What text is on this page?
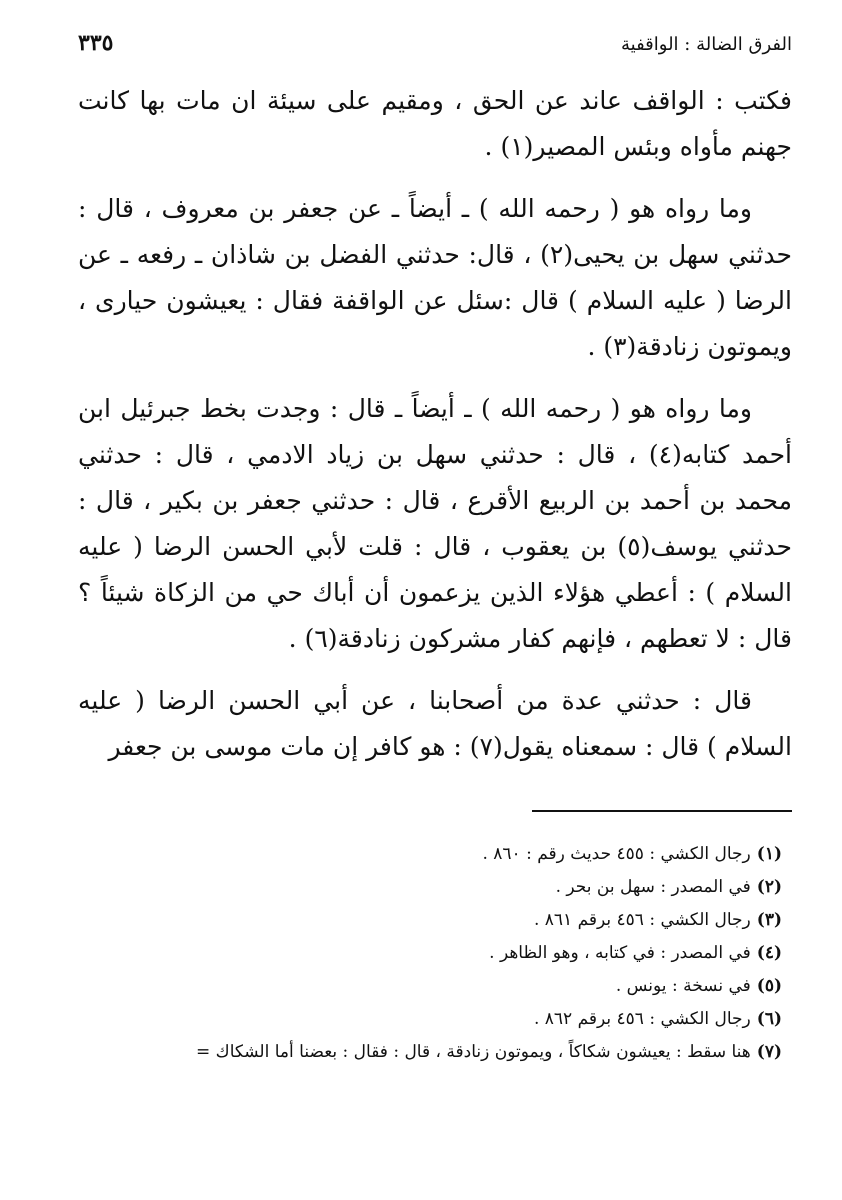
الفرق الضالة : الواقفية
٣٣٥

فكتب : الواقف عاند عن الحق ، ومقيم على سيئة ان مات بها كانت جهنم مأواه وبئس المصير(١) .

وما رواه هو ( رحمه الله ) ـ أيضاً ـ عن جعفر بن معروف ، قال : حدثني سهل بن يحيى(٢) ، قال: حدثني الفضل بن شاذان ـ رفعه ـ عن الرضا ( عليه السلام ) قال :سئل عن الواقفة فقال : يعيشون حيارى ، ويموتون زنادقة(٣) .

وما رواه هو ( رحمه الله ) ـ أيضاً ـ قال : وجدت بخط جبرئيل ابن أحمد كتابه(٤) ، قال : حدثني سهل بن زياد الادمي ، قال : حدثني محمد بن أحمد بن الربيع الأقرع ، قال : حدثني جعفر بن بكير ، قال : حدثني يوسف(٥) بن يعقوب ، قال : قلت لأبي الحسن الرضا ( عليه السلام ) : أعطي هؤلاء الذين يزعمون أن أباك حي من الزكاة شيئاً ؟ قال : لا تعطهم ، فإنهم كفار مشركون زنادقة(٦) .

قال : حدثني عدة من أصحابنا ، عن أبي الحسن الرضا ( عليه السلام ) قال : سمعناه يقول(٧) : هو كافر إن مات موسى بن جعفر

(١)رجال الكشي : ٤٥٥ حديث رقم : ٨٦٠ .
(٢)في المصدر : سهل بن بحر .
(٣)رجال الكشي : ٤٥٦ برقم ٨٦١ .
(٤)في المصدر : في كتابه ، وهو الظاهر .
(٥)في نسخة : يونس .
(٦)رجال الكشي : ٤٥٦ برقم ٨٦٢ .
(٧)هنا سقط : يعيشون شكاكاً ، ويموتون زنادقة ، قال : فقال : بعضنا أما الشكاك =
